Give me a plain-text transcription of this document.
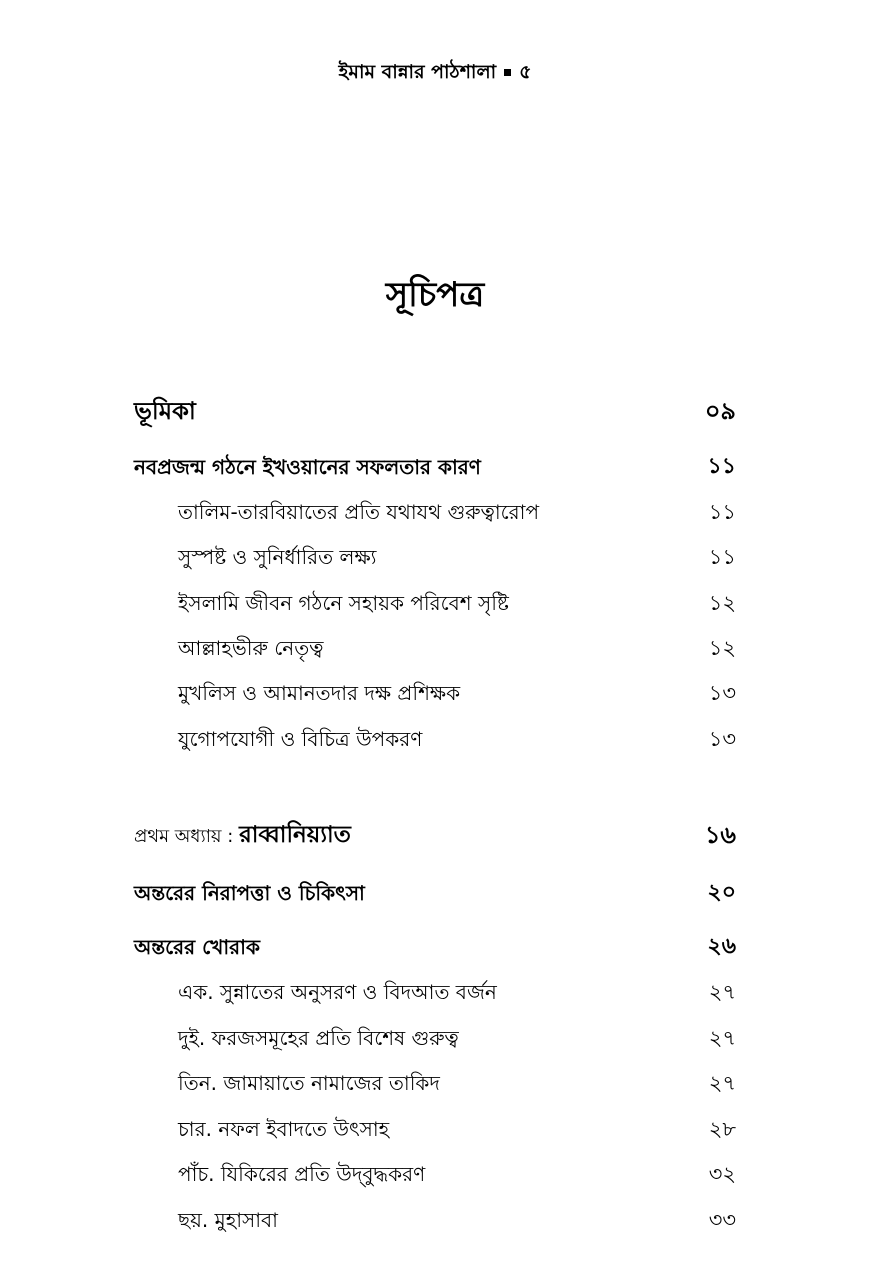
ইমাম বান্নার পাঠশালা ৫
সূচিপত্র
ভূমিকা	০৯
নবপ্রজন্ম গঠনে ইখওয়ানের সফলতার কারণ	১১
তালিম-তারবিয়াতের প্রতি যথাযথ গুরুত্বারোপ	১১
সুস্পষ্ট ও সুনির্ধারিত লক্ষ্য	১১
ইসলামি জীবন গঠনে সহায়ক পরিবেশ সৃষ্টি	১২
আল্লাহভীরু নেতৃত্ব	১২
মুখলিস ও আমানতদার দক্ষ প্রশিক্ষক	১৩
যুগোপযোগী ও বিচিত্র উপকরণ	১৩
প্রথম অধ্যায় : রাব্বানিয়্যাত	১৬
অন্তরের নিরাপত্তা ও চিকিৎসা	২০
অন্তরের খোরাক	২৬
এক. সুন্নাতের অনুসরণ ও বিদআত বর্জন	২৭
দুই. ফরজসমূহের প্রতি বিশেষ গুরুত্ব	২৭
তিন. জামায়াতে নামাজের তাকিদ	২৭
চার. নফল ইবাদতে উৎসাহ	২৮
পাঁচ. যিকিরের প্রতি উদ্‌বুদ্ধকরণ	৩২
ছয়. মুহাসাবা	৩৩
